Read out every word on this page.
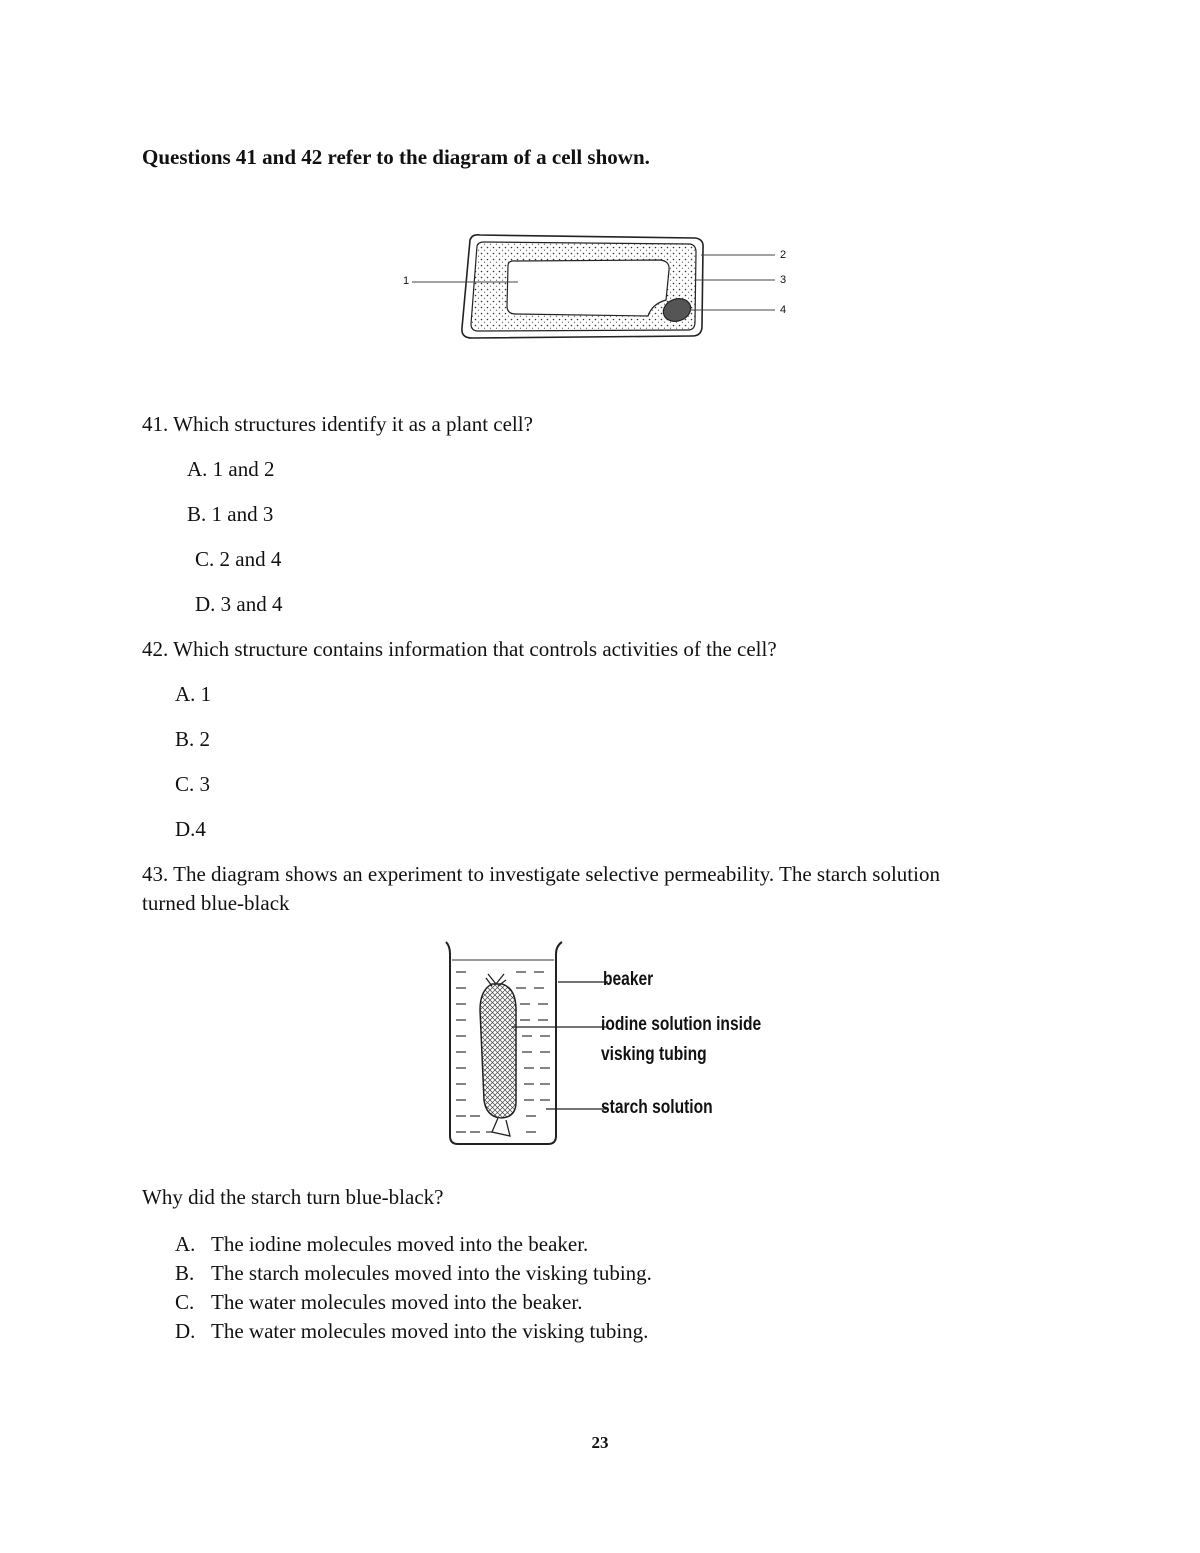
Questions 41 and 42 refer to the diagram of a cell shown.
1
2
3
4
41. Which structures identify it as a plant cell?
A. 1 and 2
B. 1 and 3
C. 2 and 4
D. 3 and 4
42. Which structure contains information that controls activities of the cell?
A. 1
B. 2
C. 3
D.4
43. The diagram shows an experiment to investigate selective permeability. The starch solution
turned blue-black
beaker
iodine solution inside
visking tubing
starch solution
Why did the starch turn blue-black?
A. The iodine molecules moved into the beaker.
B. The starch molecules moved into the visking tubing.
C. The water molecules moved into the beaker.
D. The water molecules moved into the visking tubing.
23
